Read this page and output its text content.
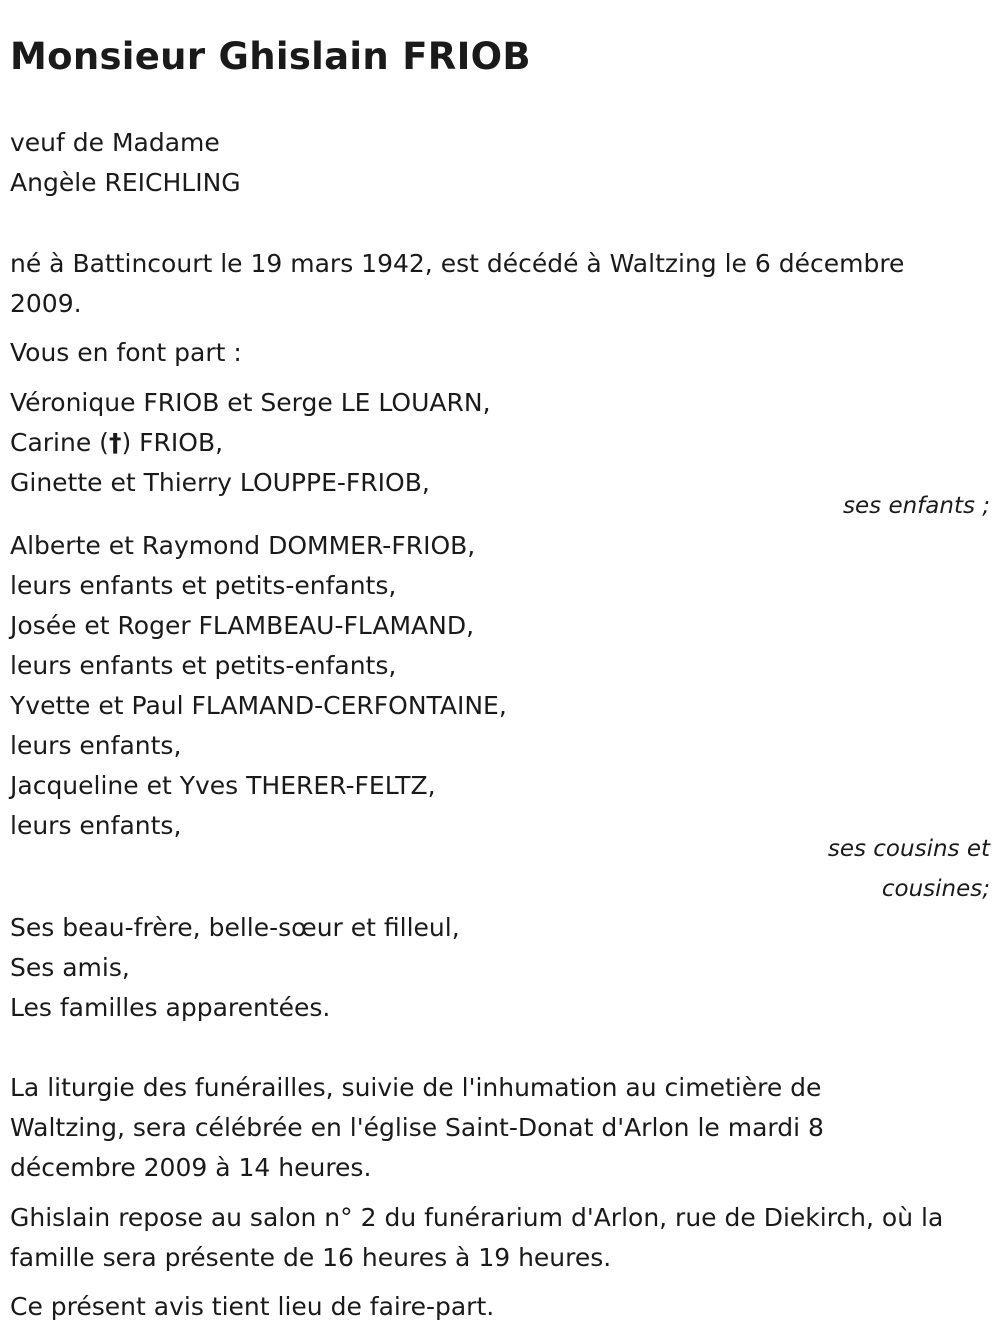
Monsieur Ghislain FRIOB
veuf de Madame
Angèle REICHLING
né à Battincourt le 19 mars 1942, est décédé à Waltzing le 6 décembre
2009.
Vous en font part :
Véronique FRIOB et Serge LE LOUARN,
Carine (†) FRIOB,
Ginette et Thierry LOUPPE-FRIOB,
ses enfants ;
Alberte et Raymond DOMMER-FRIOB,
leurs enfants et petits-enfants,
Josée et Roger FLAMBEAU-FLAMAND,
leurs enfants et petits-enfants,
Yvette et Paul FLAMAND-CERFONTAINE,
leurs enfants,
Jacqueline et Yves THERER-FELTZ,
leurs enfants,
ses cousins et
cousines;
Ses beau-frère, belle-sœur et filleul,
Ses amis,
Les familles apparentées.
La liturgie des funérailles, suivie de l'inhumation au cimetière de
Waltzing, sera célébrée en l'église Saint-Donat d'Arlon le mardi 8
décembre 2009 à 14 heures.
Ghislain repose au salon n° 2 du funérarium d'Arlon, rue de Diekirch, où la
famille sera présente de 16 heures à 19 heures.
Ce présent avis tient lieu de faire-part.
